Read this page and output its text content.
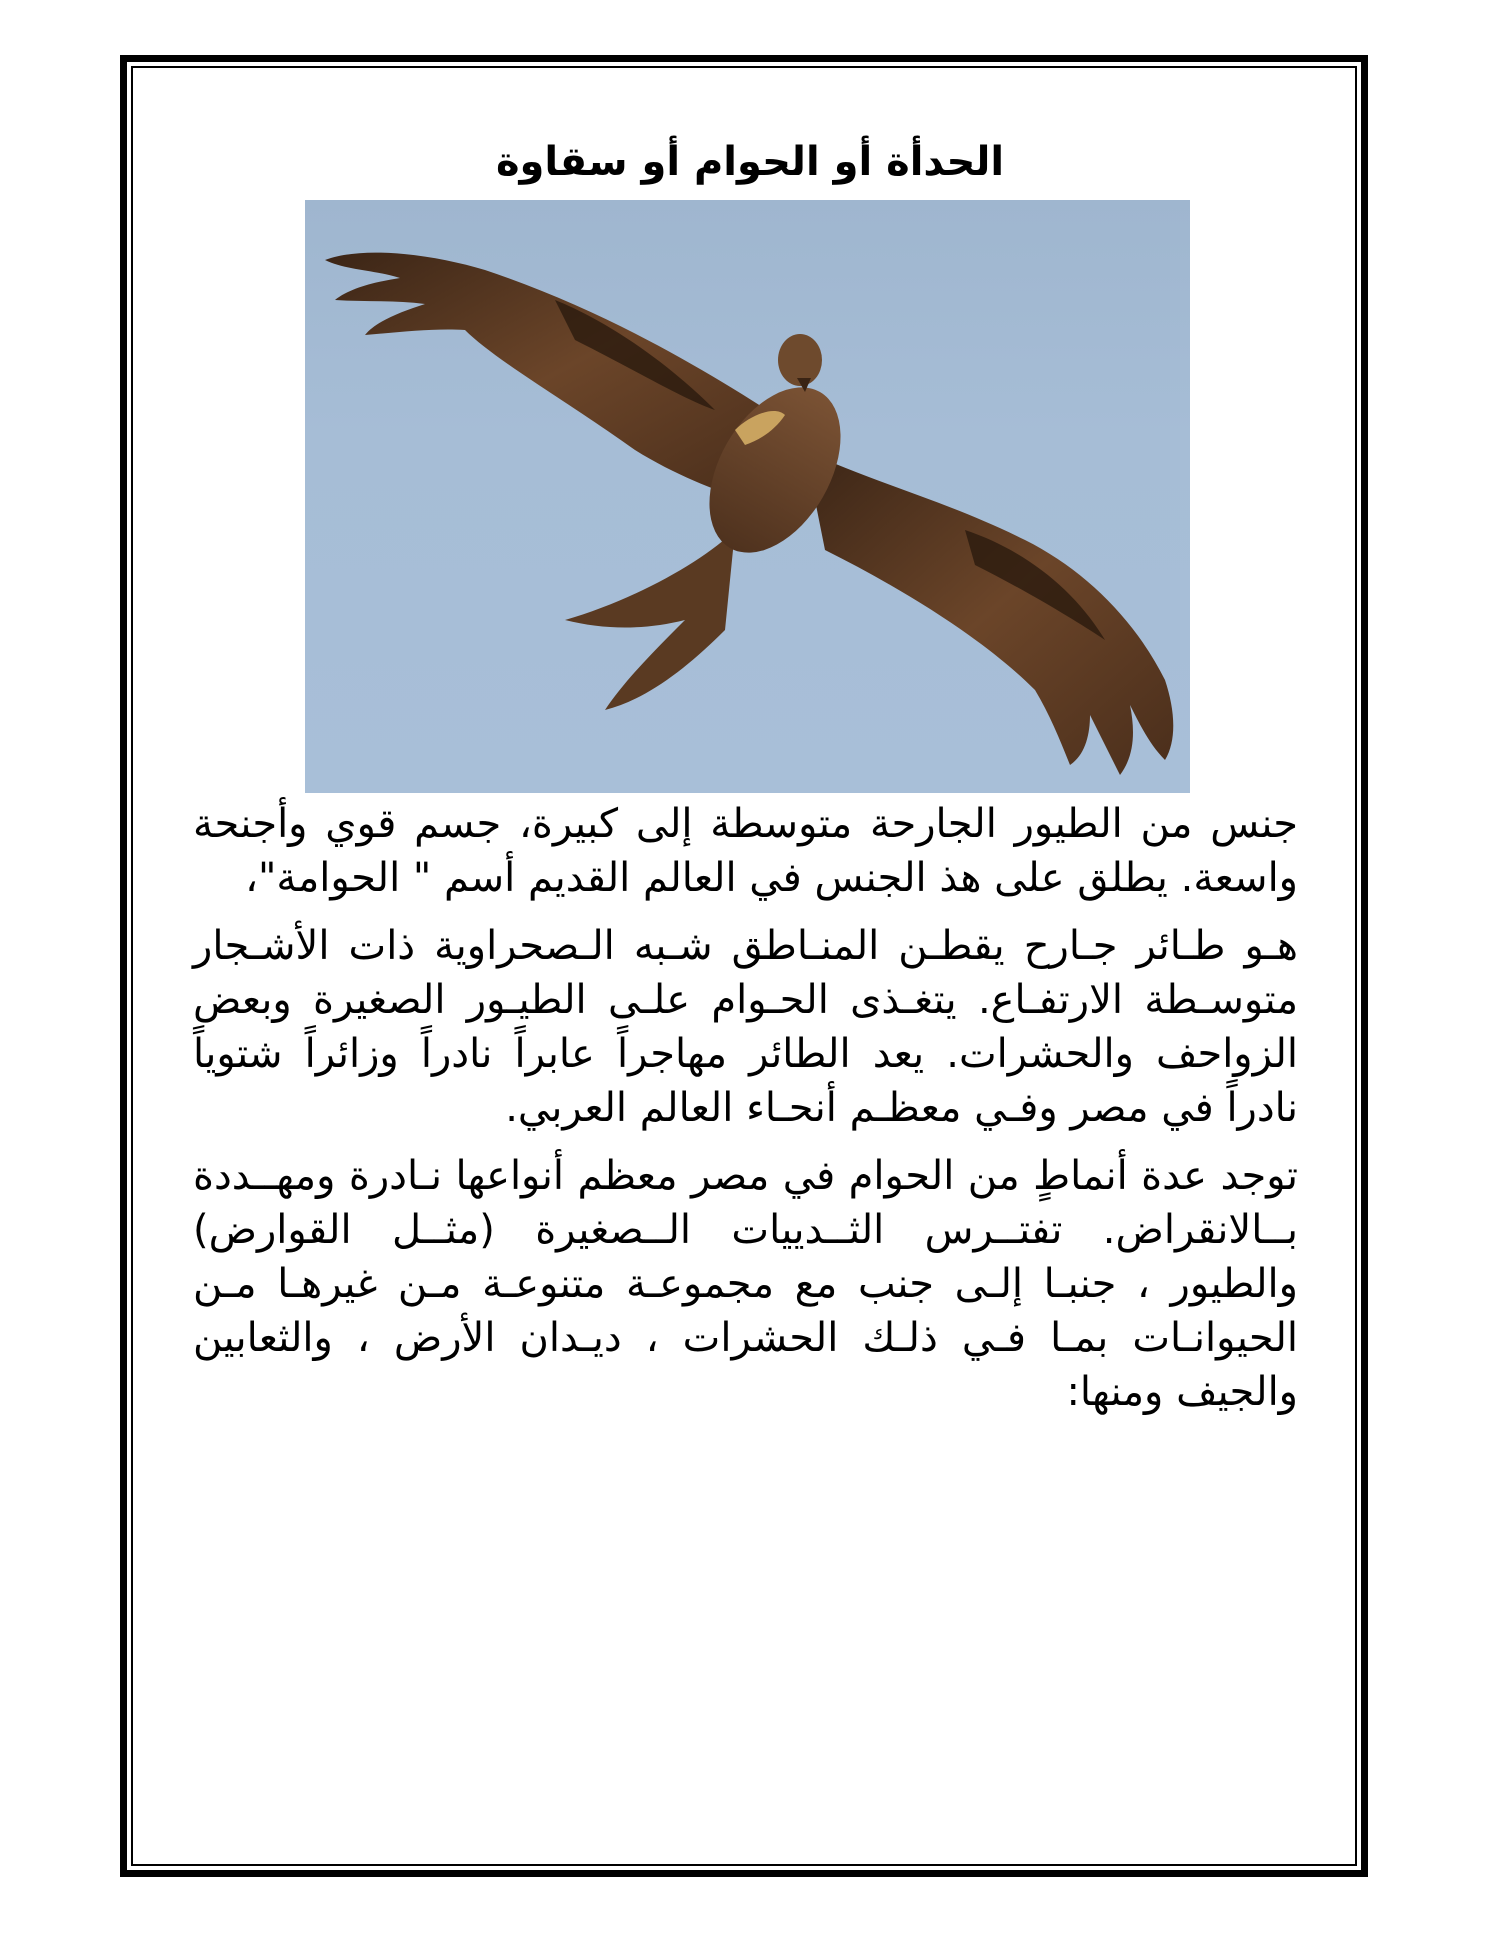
الحدأة أو الحوام أو سقاوة

جنس من الطيور الجارحة متوسطة إلى كبيرة، جسم قوي وأجنحة واسعة. يطلق على هذ الجنس في العالم القديم أسم " الحوامة"،

هـو طـائر جـارح يقطـن المنـاطق شـبه الـصحراوية ذات الأشـجار متوسـطة الارتفـاع. يتغـذى الحـوام علـى الطيـور الصغيرة وبعض الزواحف والحشرات. يعد الطائر مهاجراً عابراً نادراً وزائراً شتوياً نادراً في مصر وفـي معظـم أنحـاء العالم العربي.

توجد عدة أنماطٍ من الحوام في مصر معظم أنواعها نـادرة ومهــددة بــالانقراض. تفتــرس الثــدييات الــصغيرة (مثــل القوارض) والطيور ، جنبـا إلـى جنب مع مجموعـة متنوعـة مـن غيرهـا مـن الحيوانـات بمـا فـي ذلـك الحشرات ، ديـدان الأرض ، والثعابين والجيف ومنها:
